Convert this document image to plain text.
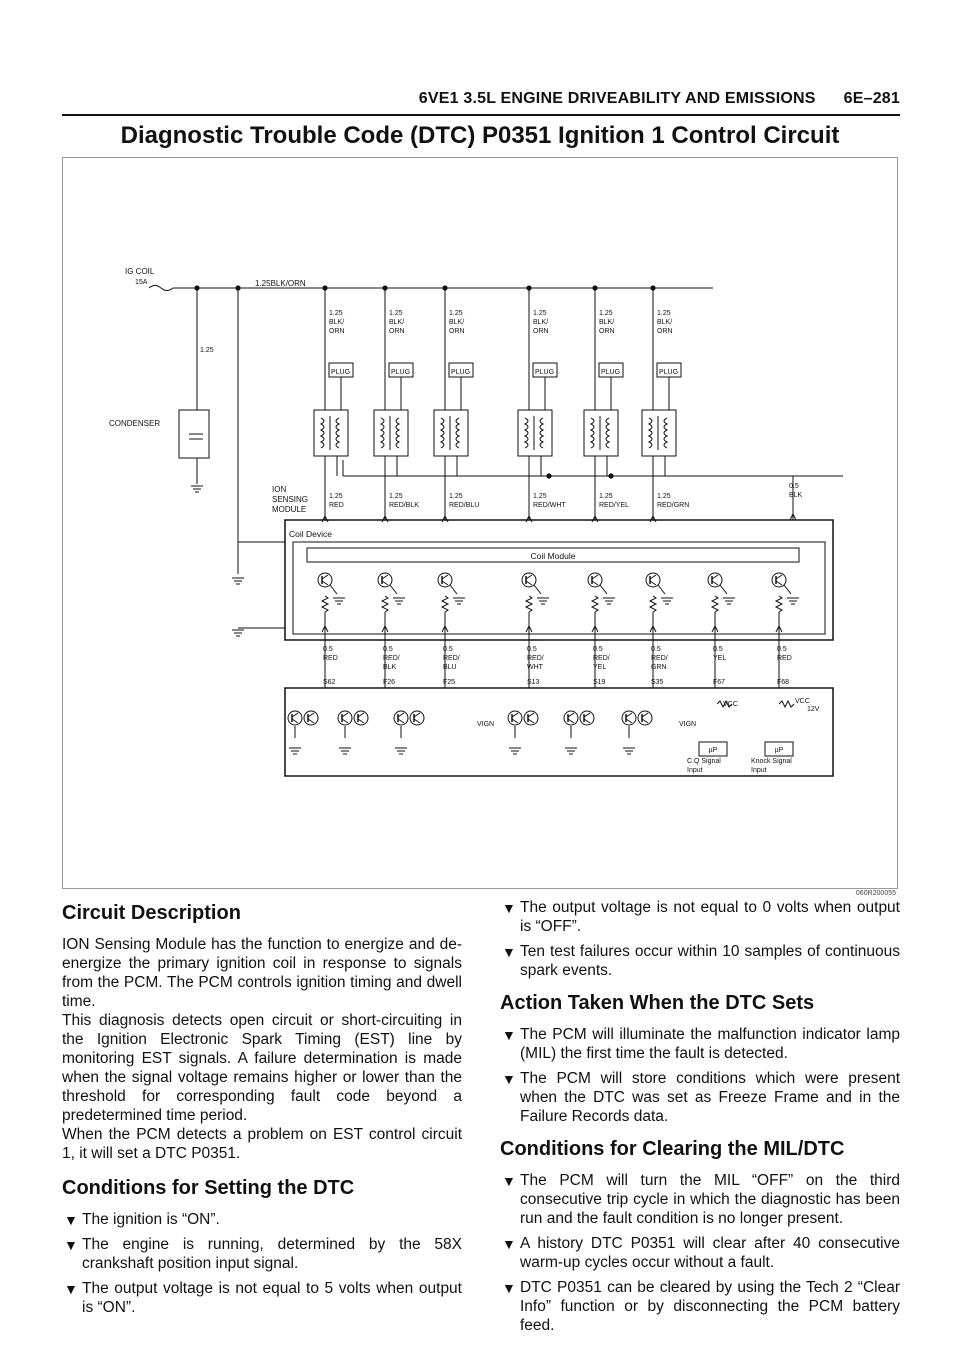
6VE1 3.5L ENGINE DRIVEABILITY AND EMISSIONS 6E–281
Diagnostic Trouble Code (DTC) P0351 Ignition 1 Control Circuit
IG COIL
15A	1.25BLK/ORN
1.25
CONDENSER
1.25
BLK/
ORN
PLUG
1.25
RED
1.25
BLK/
ORN
PLUG
1.25
RED/BLK
1.25
BLK/
ORN
PLUG
1.25
RED/BLU
1.25
BLK/
ORN
PLUG
1.25
RED/WHT
1.25
BLK/
ORN
PLUG
1.25
RED/YEL
1.25
BLK/
ORN
PLUG
1.25
RED/GRN
0.5
BLK
ION
SENSING
MODULE
Coil Device
Coil Module
0.5
RED
S62
0.5
RED/
BLK
F26
0.5
RED/
BLU
F25
0.5
RED/
WHT
S13
0.5
RED/
YEL
S19
0.5
RED/
GRN
S35
0.5
YEL
F67
0.5
RED
F68
VIGN	VIGN
VCC
µP
C.Q Signal
Input
VCC
12V
µP
Knock Signal
Input
060R200055
Circuit Description

ION Sensing Module has the function to energize and de-energize the primary ignition coil in response to signals from the PCM. The PCM controls ignition timing and dwell time.

This diagnosis detects open circuit or short-circuiting in the Ignition Electronic Spark Timing (EST) line by monitoring EST signals. A failure determination is made when the signal voltage remains higher or lower than the threshold for corresponding fault code beyond a predetermined time period.

When the PCM detects a problem on EST control circuit 1, it will set a DTC P0351.

Conditions for Setting the DTC
▼ The ignition is “ON”.
▼ The engine is running, determined by the 58X crankshaft position input signal.
▼ The output voltage is not equal to 5 volts when output is “ON”.
▼ The output voltage is not equal to 0 volts when output is “OFF”.
▼ Ten test failures occur within 10 samples of continuous spark events.
Action Taken When the DTC Sets
▼ The PCM will illuminate the malfunction indicator lamp (MIL) the first time the fault is detected.
▼ The PCM will store conditions which were present when the DTC was set as Freeze Frame and in the Failure Records data.
Conditions for Clearing the MIL/DTC
▼ The PCM will turn the MIL “OFF” on the third consecutive trip cycle in which the diagnostic has been run and the fault condition is no longer present.
▼ A history DTC P0351 will clear after 40 consecutive warm-up cycles occur without a fault.
▼ DTC P0351 can be cleared by using the Tech 2 “Clear Info” function or by disconnecting the PCM battery feed.
